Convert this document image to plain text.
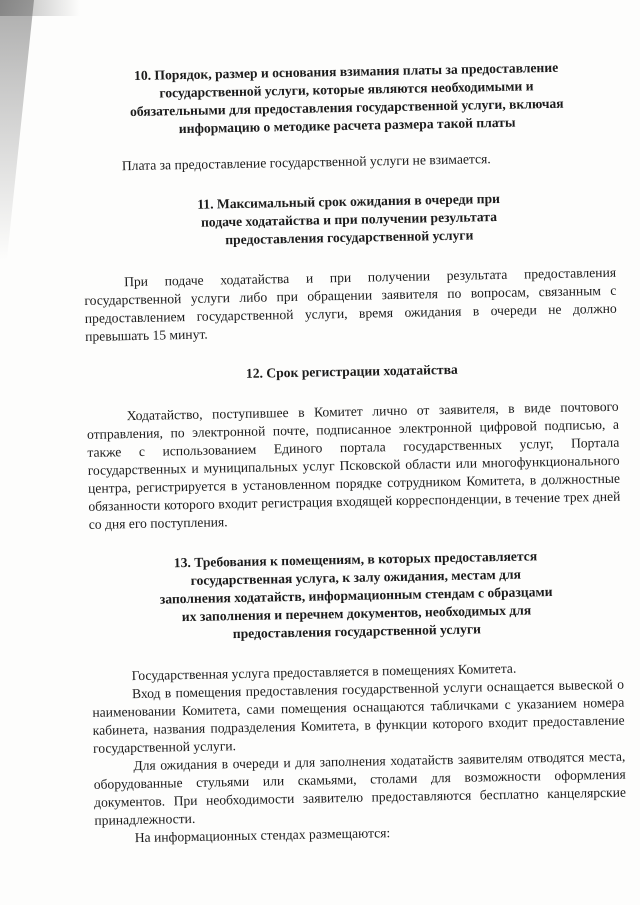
10. Порядок, размер и основания взимания платы за предоставление
государственной услуги, которые являются необходимыми и
обязательными для предоставления государственной услуги, включая
информацию о методике расчета размера такой платы

Плата за предоставление государственной услуги не взимается.

11. Максимальный срок ожидания в очереди при
подаче ходатайства и при получении результата
предоставления государственной услуги

При подаче ходатайства и при получении результата предоставления государственной услуги либо при обращении заявителя по вопросам, связанным с предоставлением государственной услуги, время ожидания в очереди не должно превышать 15 минут.

12. Срок регистрации ходатайства

Ходатайство, поступившее в Комитет лично от заявителя, в виде почтового отправления, по электронной почте, подписанное электронной цифровой подписью, а также с использованием Единого портала государственных услуг, Портала государственных и муниципальных услуг Псковской области или многофункционального центра, регистрируется в установленном порядке сотрудником Комитета, в должностные обязанности которого входит регистрация входящей корреспонденции, в течение трех дней со дня его поступления.

13. Требования к помещениям, в которых предоставляется
государственная услуга, к залу ожидания, местам для
заполнения ходатайств, информационным стендам с образцами
их заполнения и перечнем документов, необходимых для
предоставления государственной услуги

Государственная услуга предоставляется в помещениях Комитета.

Вход в помещения предоставления государственной услуги оснащается вывеской о наименовании Комитета, сами помещения оснащаются табличками с указанием номера кабинета, названия подразделения Комитета, в функции которого входит предоставление государственной услуги.

Для ожидания в очереди и для заполнения ходатайств заявителям отводятся места, оборудованные стульями или скамьями, столами для возможности оформления документов. При необходимости заявителю предоставляются бесплатно канцелярские принадлежности.

На информационных стендах размещаются:
